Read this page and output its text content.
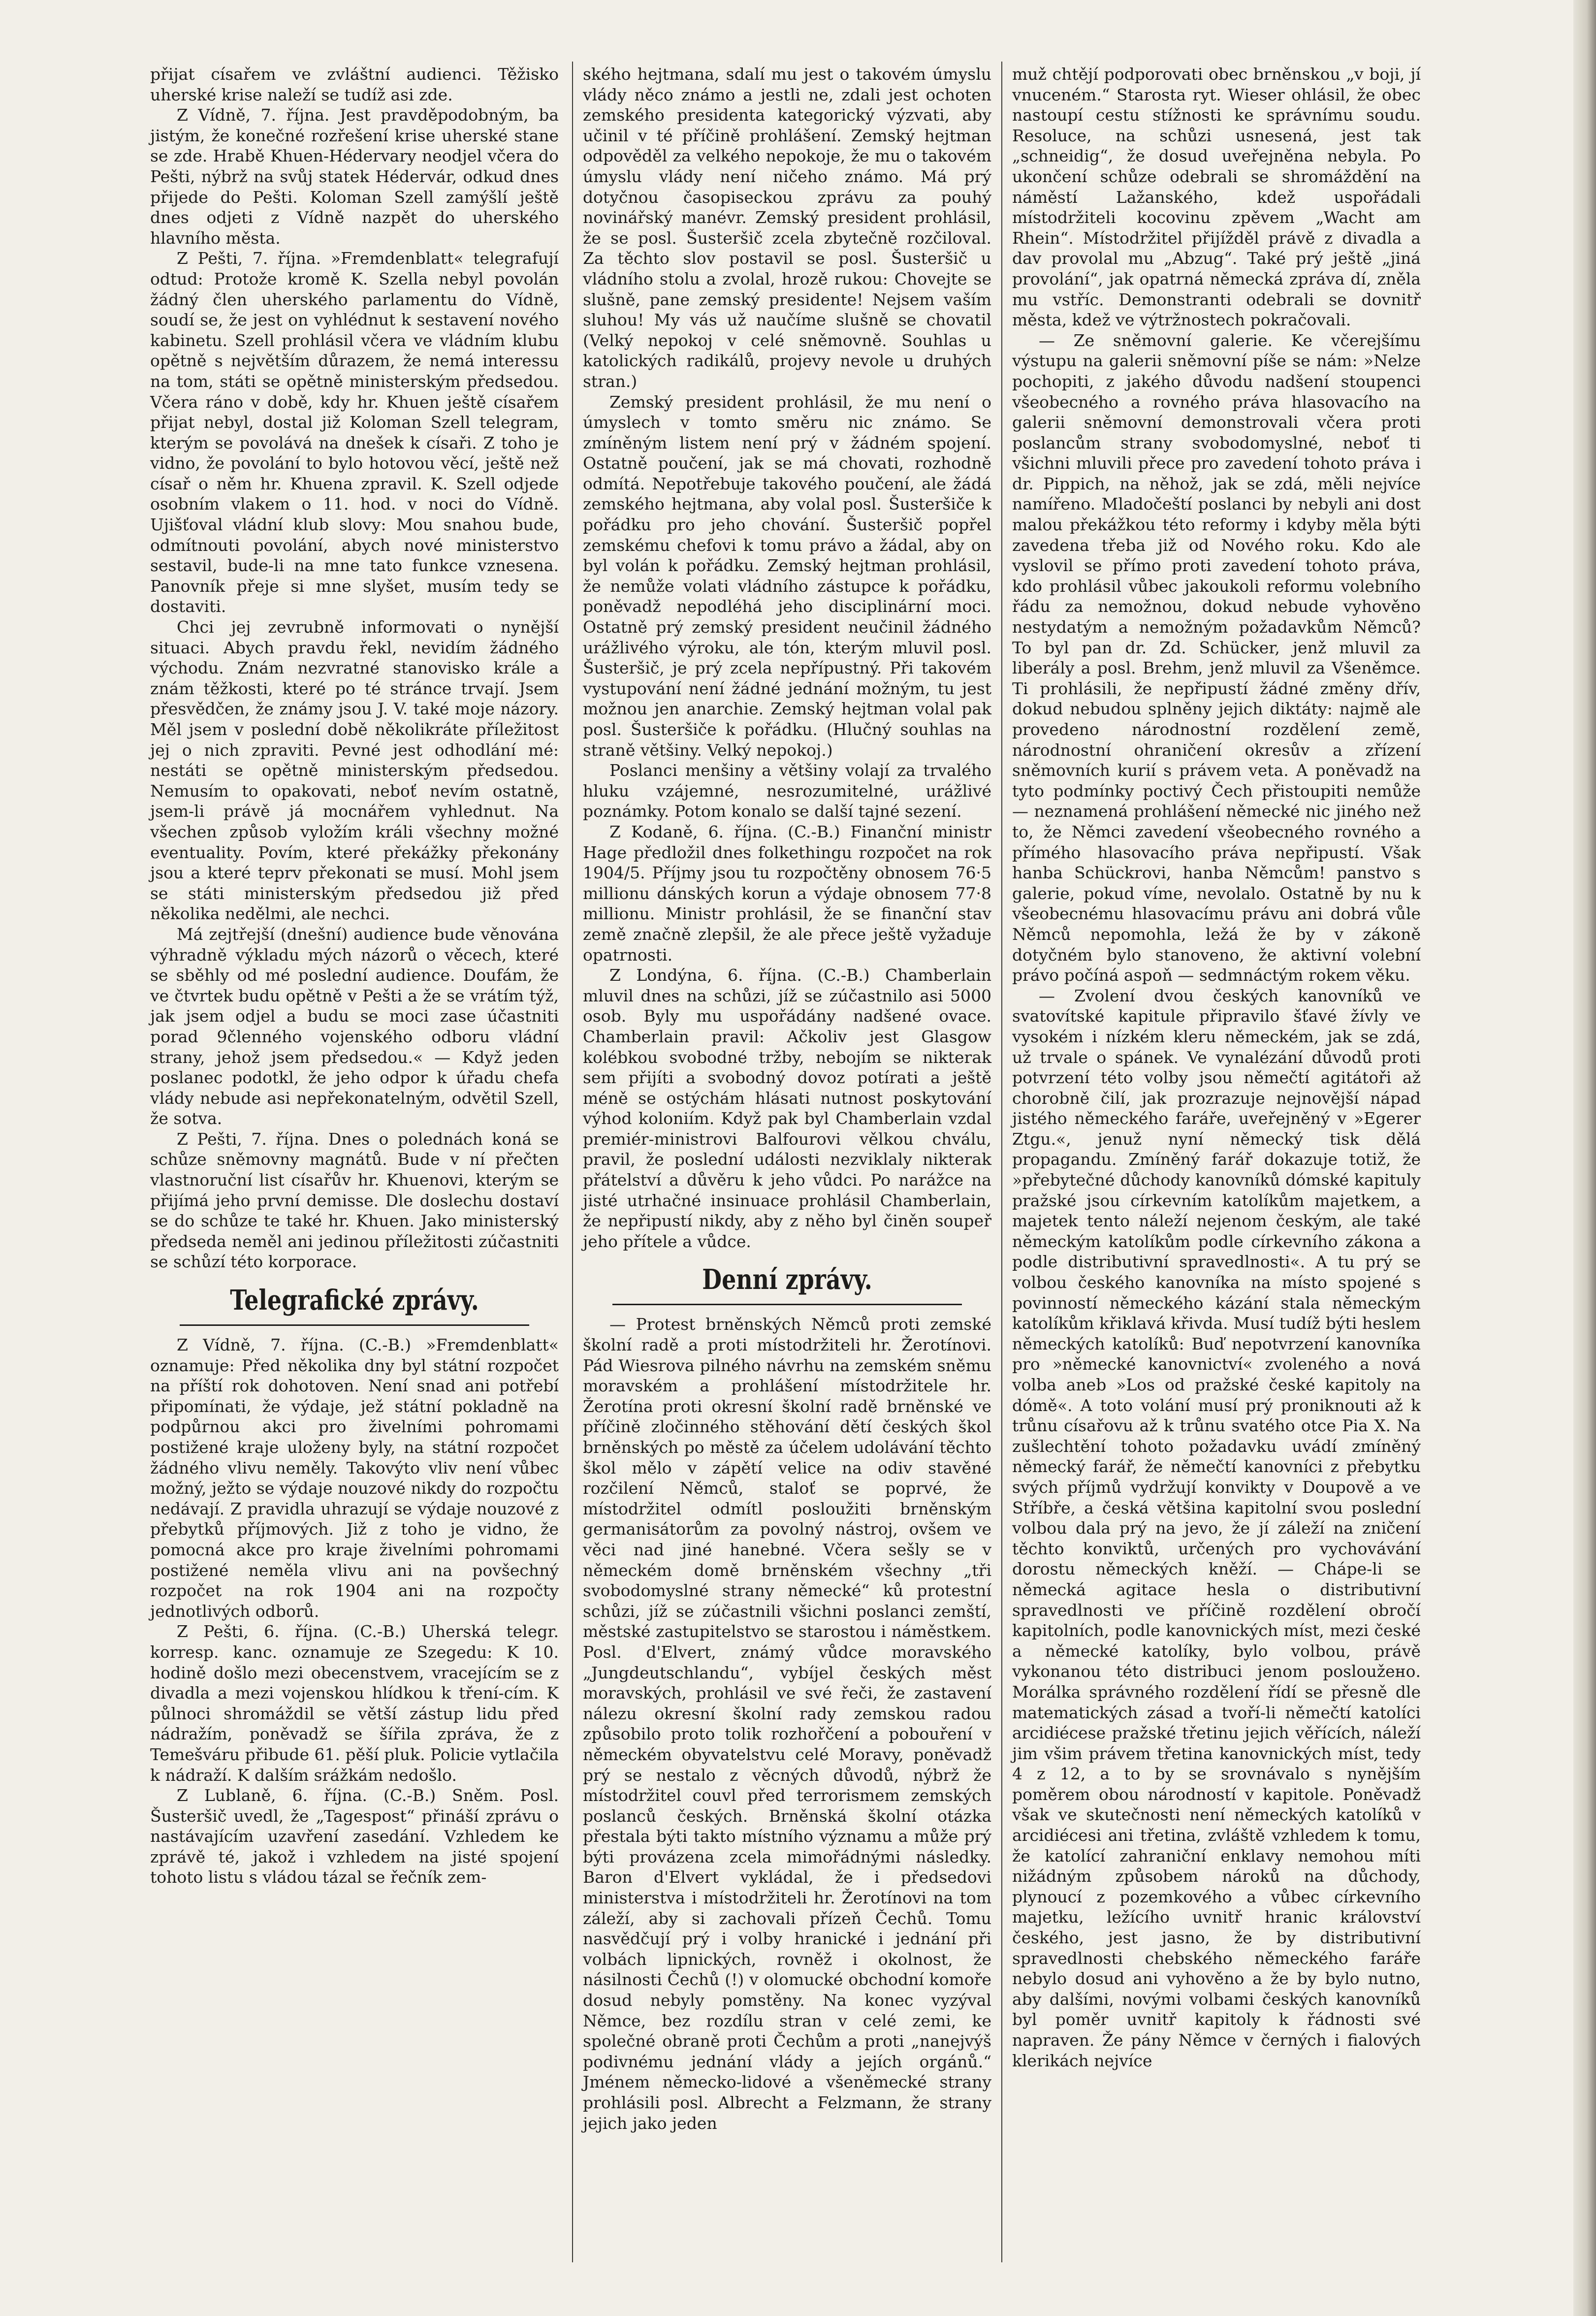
přijat císařem ve zvláštní audienci. Těžisko uherské krise naleží se tudíž asi zde.

Z Vídně, 7. října. Jest pravděpodobným, ba jistým, že konečné rozřešení krise uherské stane se zde. Hrabě Khuen-Hédervary neodjel včera do Pešti, nýbrž na svůj statek Hédervár, odkud dnes přijede do Pešti. Koloman Szell zamýšlí ještě dnes odjeti z Vídně nazpět do uherského hlavního města.

Z Pešti, 7. října. »Fremdenblatt« telegrafují odtud: Protože kromě K. Szella nebyl povolán žádný člen uherského parlamentu do Vídně, soudí se, že jest on vyhlédnut k sestavení nového kabinetu. Szell prohlásil včera ve vládním klubu opětně s největším důrazem, že nemá interessu na tom, státi se opětně ministerským předsedou. Včera ráno v době, kdy hr. Khuen ještě císařem přijat nebyl, dostal již Koloman Szell telegram, kterým se povolává na dnešek k císaři. Z toho je vidno, že povolání to bylo hotovou věcí, ještě než císař o něm hr. Khuena zpravil. K. Szell odjede osobním vlakem o 11. hod. v noci do Vídně. Ujišťoval vládní klub slovy: Mou snahou bude, odmítnouti povolání, abych nové ministerstvo sestavil, bude-li na mne tato funkce vznesena. Panovník přeje si mne slyšet, musím tedy se dostaviti.

Chci jej zevrubně informovati o nynější situaci. Abych pravdu řekl, nevidím žádného východu. Znám nezvratné stanovisko krále a znám těžkosti, které po té stránce trvají. Jsem přesvědčen, že známy jsou J. V. také moje názory. Měl jsem v poslední době několikráte příležitost jej o nich zpraviti. Pevné jest odhodlání mé: nestáti se opětně ministerským předsedou. Nemusím to opakovati, neboť nevím ostatně, jsem-li právě já mocnářem vyhlednut. Na všechen způsob vyložím králi všechny možné eventuality. Povím, které překážky překonány jsou a které teprv překonati se musí. Mohl jsem se státi ministerským předsedou již před několika nedělmi, ale nechci.

Má zejtřejší (dnešní) audience bude věnována výhradně výkladu mých názorů o věcech, které se sběhly od mé poslední audience. Doufám, že ve čtvrtek budu opětně v Pešti a že se vrátím týž, jak jsem odjel a budu se moci zase účastniti porad 9členného vojenského odboru vládní strany, jehož jsem předsedou.« — Když jeden poslanec podotkl, že jeho odpor k úřadu chefa vlády nebude asi nepřekonatelným, odvětil Szell, že sotva.

Z Pešti, 7. října. Dnes o polednách koná se schůze sněmovny magnátů. Bude v ní přečten vlastnoruční list císařův hr. Khuenovi, kterým se přijímá jeho první demisse. Dle doslechu dostaví se do schůze te také hr. Khuen. Jako ministerský předseda neměl ani jedinou příležitosti zúčastniti se schůzí této korporace.

Telegrafické zprávy.

Z Vídně, 7. října. (C.-B.) »Fremdenblatt« oznamuje: Před několika dny byl státní rozpočet na příští rok dohotoven. Není snad ani potřebí připomínati, že výdaje, jež státní pokladně na podpůrnou akci pro živelními pohromami postižené kraje uloženy byly, na státní rozpočet žádného vlivu neměly. Takovýto vliv není vůbec možný, ježto se výdaje nouzové nikdy do rozpočtu nedávají. Z pravidla uhrazují se výdaje nouzové z přebytků příjmových. Již z toho je vidno, že pomocná akce pro kraje živelními pohromami postižené neměla vlivu ani na povšechný rozpočet na rok 1904 ani na rozpočty jednotlivých odborů.

Z Pešti, 6. října. (C.-B.) Uherská telegr. korresp. kanc. oznamuje ze Szegedu: K 10. hodině došlo mezi obecenstvem, vracejícím se z divadla a mezi vojenskou hlídkou k tření-cím. K půlnoci shromáždil se větší zástup lidu před nádražím, poněvadž se šířila zpráva, že z Temešváru přibude 61. pěší pluk. Policie vytlačila k nádraží. K dalším srážkám nedošlo.

Z Lublaně, 6. října. (C.-B.) Sněm. Posl. Šusteršič uvedl, že „Tagespost“ přináší zprávu o nastávajícím uzavření zasedání. Vzhledem ke zprávě té, jakož i vzhledem na jisté spojení tohoto listu s vládou tázal se řečník zem-

ského hejtmana, sdalí mu jest o takovém úmyslu vlády něco známo a jestli ne, zdali jest ochoten zemského presidenta kategorický výzvati, aby učinil v té příčině prohlášení. Zemský hejtman odpověděl za velkého nepokoje, že mu o takovém úmyslu vlády není ničeho známo. Má prý dotyčnou časopiseckou zprávu za pouhý novinářský manévr. Zemský president prohlásil, že se posl. Šusteršič zcela zbytečně rozčiloval. Za těchto slov postavil se posl. Šusteršič u vládního stolu a zvolal, hrozě rukou: Chovejte se slušně, pane zemský presidente! Nejsem vaším sluhou! My vás už naučíme slušně se chovatil (Velký nepokoj v celé sněmovně. Souhlas u katolických radikálů, projevy nevole u druhých stran.)

Zemský president prohlásil, že mu není o úmyslech v tomto směru nic známo. Se zmíněným listem není prý v žádném spojení. Ostatně poučení, jak se má chovati, rozhodně odmítá. Nepotřebuje takového poučení, ale žádá zemského hejtmana, aby volal posl. Šusteršiče k pořádku pro jeho chování. Šusteršič popřel zemskému chefovi k tomu právo a žádal, aby on byl volán k pořádku. Zemský hejtman prohlásil, že nemůže volati vládního zástupce k pořádku, poněvadž nepodléhá jeho disciplinární moci. Ostatně prý zemský president neučinil žádného urážlivého výroku, ale tón, kterým mluvil posl. Šusteršič, je prý zcela nepřípustný. Při takovém vystupování není žádné jednání možným, tu jest možnou jen anarchie. Zemský hejtman volal pak posl. Šusteršiče k pořádku. (Hlučný souhlas na straně většiny. Velký nepokoj.)

Poslanci menšiny a většiny volají za trvalého hluku vzájemné, nesrozumitelné, urážlivé poznámky. Potom konalo se další tajné sezení.

Z Kodaně, 6. října. (C.-B.) Finanční ministr Hage předložil dnes folkethingu rozpočet na rok 1904/5. Příjmy jsou tu rozpočtěny obnosem 76·5 millionu dánských korun a výdaje obnosem 77·8 millionu. Ministr prohlásil, že se finanční stav země značně zlepšil, že ale přece ještě vyžaduje opatrnosti.

Z Londýna, 6. října. (C.-B.) Chamberlain mluvil dnes na schůzi, jíž se zúčastnilo asi 5000 osob. Byly mu uspořádány nadšené ovace. Chamberlain pravil: Ačkoliv jest Glasgow kolébkou svobodné tržby, nebojím se nikterak sem přijíti a svobodný dovoz potírati a ještě méně se ostýchám hlásati nutnost poskytování výhod koloniím. Když pak byl Chamberlain vzdal premiér-ministrovi Balfourovi vělkou chválu, pravil, že poslední události nezviklaly nikterak přátelství a důvěru k jeho vůdci. Po narážce na jisté utrhačné insinuace prohlásil Chamberlain, že nepřipustí nikdy, aby z něho byl činěn soupeř jeho přítele a vůdce.

Denní zprávy.

— Protest brněnských Němců proti zemské školní radě a proti místodržiteli hr. Žerotínovi. Pád Wiesrova pilného návrhu na zemském sněmu moravském a prohlášení místodržitele hr. Žerotína proti okresní školní radě brněnské ve příčině zločinného stěhování dětí českých škol brněnských po městě za účelem udolávání těchto škol mělo v zápětí velice na odiv stavěné rozčilení Němců, staloť se poprvé, že místodržitel odmítl posloužiti brněnským germanisátorům za povolný nástroj, ovšem ve věci nad jiné hanebné. Včera sešly se v německém domě brněnském všechny „tři svobodomyslné strany německé“ ků protestní schůzi, jíž se zúčastnili všichni poslanci zemští, městské zastupitelstvo se starostou i náměstkem. Posl. d'Elvert, známý vůdce moravského „Jungdeutschlandu“, vybíjel českých měst moravských, prohlásil ve své řeči, že zastavení nálezu okresní školní rady zemskou radou způsobilo proto tolik rozhořčení a pobouření v německém obyvatelstvu celé Moravy, poněvadž prý se nestalo z věcných důvodů, nýbrž že místodržitel couvl před terrorismem zemských poslanců českých. Brněnská školní otázka přestala býti takto místního významu a může prý býti provázena zcela mimořádnými následky. Baron d'Elvert vykládal, že i předsedovi ministerstva i místodržiteli hr. Žerotínovi na tom záleží, aby si zachovali přízeň Čechů. Tomu nasvědčují prý i volby hranické i jednání při volbách lipnických, rovněž i okolnost, že násilnosti Čechů (!) v olomucké obchodní komoře dosud nebyly pomstěny. Na konec vyzýval Němce, bez rozdílu stran v celé zemi, ke společné obraně proti Čechům a proti „nanejvýš podivnému jednání vlády a jejích orgánů.“ Jménem německo-lidové a všeněmecké strany prohlásili posl. Albrecht a Felzmann, že strany jejich jako jeden

muž chtějí podporovati obec brněnskou „v boji, jí vnuceném.“ Starosta ryt. Wieser ohlásil, že obec nastoupí cestu stížnosti ke správnímu soudu. Resoluce, na schůzi usnesená, jest tak „schneidig“, že dosud uveřejněna nebyla. Po ukončení schůze odebrali se shromáždění na náměstí Lažanského, kdež uspořádali místodržiteli kocovinu zpěvem „Wacht am Rhein“. Místodržitel přijížděl právě z divadla a dav provolal mu „Abzug“. Také prý ještě „jiná provolání“, jak opatrná německá zpráva dí, zněla mu vstříc. Demonstranti odebrali se dovnitř města, kdež ve výtržnostech pokračovali.

— Ze sněmovní galerie. Ke včerejšímu výstupu na galerii sněmovní píše se nám: »Nelze pochopiti, z jakého důvodu nadšení stoupenci všeobecného a rovného práva hlasovacího na galerii sněmovní demonstrovali včera proti poslancům strany svobodomyslné, neboť ti všichni mluvili přece pro zavedení tohoto práva i dr. Pippich, na něhož, jak se zdá, měli nejvíce namířeno. Mladočeští poslanci by nebyli ani dost malou překážkou této reformy i kdyby měla býti zavedena třeba již od Nového roku. Kdo ale vyslovil se přímo proti zavedení tohoto práva, kdo prohlásil vůbec jakoukoli reformu volebního řádu za nemožnou, dokud nebude vyhověno nestydatým a nemožným požadavkům Němců? To byl pan dr. Zd. Schücker, jenž mluvil za liberály a posl. Brehm, jenž mluvil za Všeněmce. Ti prohlásili, že nepřipustí žádné změny dřív, dokud nebudou splněny jejich diktáty: najmě ale provedeno národnostní rozdělení země, národnostní ohraničení okresův a zřízení sněmovních kurií s právem veta. A poněvadž na tyto podmínky poctivý Čech přistoupiti nemůže — neznamená prohlášení německé nic jiného než to, že Němci zavedení všeobecného rovného a přímého hlasovacího práva nepřipustí. Však hanba Schückrovi, hanba Němcům! panstvo s galerie, pokud víme, nevolalo. Ostatně by nu k všeobecnému hlasovacímu právu ani dobrá vůle Němců nepomohla, ležá že by v zákoně dotyčném bylo stanoveno, že aktivní volební právo počíná aspoň — sedmnáctým rokem věku.

— Zvolení dvou českých kanovníků ve svatovítské kapitule připravilo šťavé žívly ve vysokém i nízkém kleru německém, jak se zdá, už trvale o spánek. Ve vynalézání důvodů proti potvrzení této volby jsou němečtí agitátoři až chorobně čilí, jak prozrazuje nejnovější nápad jistého německého faráře, uveřejněný v »Egerer Ztgu.«, jenuž nyní německý tisk dělá propagandu. Zmíněný farář dokazuje totiž, že »přebytečné důchody kanovníků dómské kapituly pražské jsou církevním katolíkům majetkem, a majetek tento náleží nejenom českým, ale také německým katolíkům podle církevního zákona a podle distributivní spravedlnosti«. A tu prý se volbou českého kanovníka na místo spojené s povinností německého kázání stala německým katolíkům křiklavá křivda. Musí tudíž býti heslem německých katolíků: Buď nepotvrzení kanovníka pro »německé kanovnictví« zvoleného a nová volba aneb »Los od pražské české kapitoly na dómě«. A toto volání musí prý proniknouti až k trůnu císařovu až k trůnu svatého otce Pia X. Na zušlechtění tohoto požadavku uvádí zmíněný německý farář, že němečtí kanovníci z přebytku svých příjmů vydržují konvikty v Doupově a ve Stříbře, a česká většina kapitolní svou poslední volbou dala prý na jevo, že jí záleží na zničení těchto konviktů, určených pro vychovávání dorostu německých kněží. — Chápe-li se německá agitace hesla o distributivní spravedlnosti ve příčině rozdělení obročí kapitolních, podle kanovnických míst, mezi české a německé katolíky, bylo volbou, právě vykonanou této distribuci jenom posloužено. Morálka správného rozdělení řídí se přesně dle matematických zásad a tvoří-li němečtí katolíci arcidiécese pražské třetinu jejich věřících, náleží jim všim právem třetina kanovnických míst, tedy 4 z 12, a to by se srovnávalo s nynějším poměrem obou národností v kapitole. Poněvadž však ve skutečnosti není německých katolíků v arcidiécesi ani třetina, zvláště vzhledem k tomu, že katolící zahraniční enklavy nemohou míti nižádným způsobem nároků na důchody, plynoucí z pozemkového a vůbec církevního majetku, ležícího uvnitř hranic království českého, jest jasno, že by distributivní spravedlnosti chebského německého faráře nebylo dosud ani vyhověno a že by bylo nutno, aby dalšími, novými volbami českých kanovníků byl poměr uvnitř kapitoly k řádnosti své napraven. Že pány Němce v černých i fialových klerikách nejvíce
